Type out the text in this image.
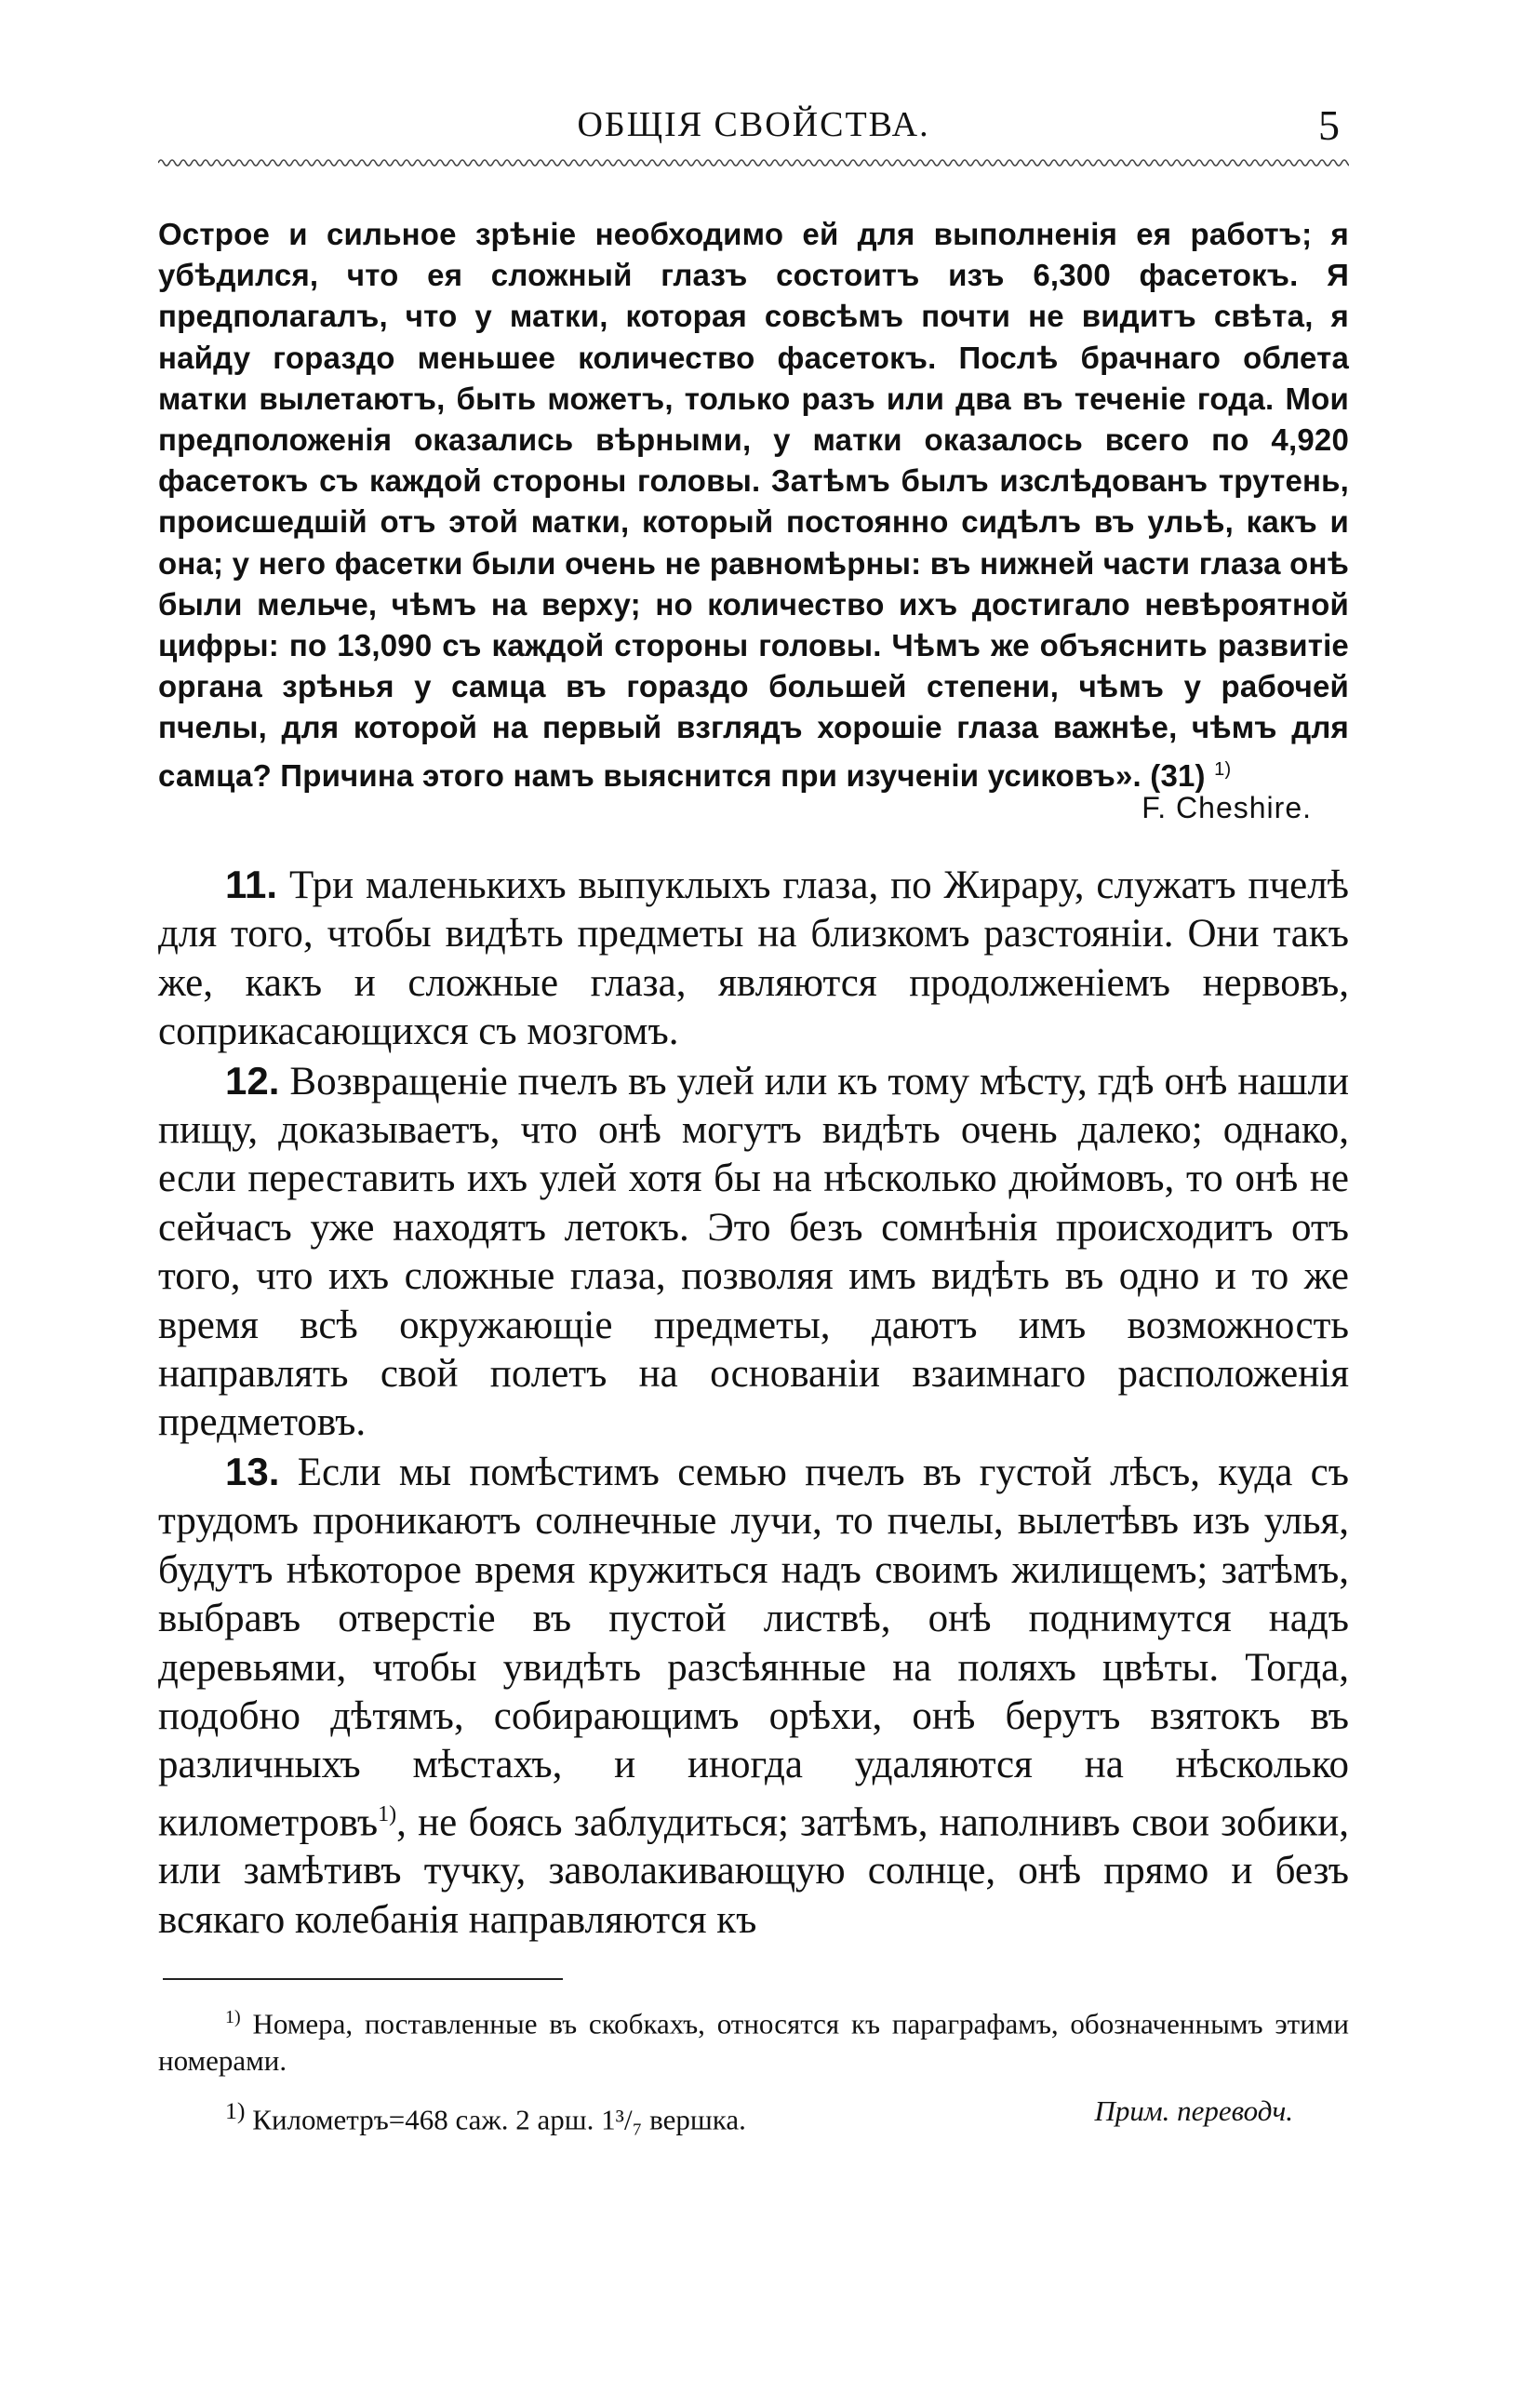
ОБЩІЯ СВОЙСТВА.	5
Острое и сильное зрѣніе необходимо ей для выполненія ея работъ; я убѣдился, что ея сложный глазъ состоитъ изъ 6,300 фасетокъ. Я предполагалъ, что у матки, которая совсѣмъ почти не видитъ свѣта, я найду гораздо меньшее количество фасетокъ. Послѣ брачнаго облета матки вылетаютъ, быть можетъ, только разъ или два въ теченіе года. Мои предположенія оказались вѣрными, у матки оказалось всего по 4,920 фасетокъ съ каждой стороны головы. Затѣмъ былъ изслѣдованъ трутень, происшедшій отъ этой матки, который постоянно сидѣлъ въ ульѣ, какъ и она; у него фасетки были очень не равномѣрны: въ нижней части глаза онѣ были мельче, чѣмъ на верху; но количество ихъ достигало невѣроятной цифры: по 13,090 съ каждой стороны головы. Чѣмъ же объяснить развитіе органа зрѣнья у самца въ гораздо большей степени, чѣмъ у рабочей пчелы, для которой на первый взглядъ хорошіе глаза важнѣе, чѣмъ для самца? Причина этого намъ выяснится при изученіи усиковъ». (31) $^{1)}$
F. Cheshire.

11. Три маленькихъ выпуклыхъ глаза, по Жирару, служатъ пчелѣ для того, чтобы видѣть предметы на близкомъ разстояніи. Они такъ же, какъ и сложные глаза, являются продолженіемъ нервовъ, соприкасающихся съ мозгомъ.

12. Возвращеніе пчелъ въ улей или къ тому мѣсту, гдѣ онѣ нашли пищу, доказываетъ, что онѣ могутъ видѣть очень далеко; однако, если переставить ихъ улей хотя бы на нѣсколько дюймовъ, то онѣ не сейчасъ уже находятъ летокъ. Это безъ сомнѣнія происходитъ отъ того, что ихъ сложные глаза, позволяя имъ видѣть въ одно и то же время всѣ окружающіе предметы, даютъ имъ возможность направлять свой полетъ на основаніи взаимнаго расположенія предметовъ.

13. Если мы помѣстимъ семью пчелъ въ густой лѣсъ, куда съ трудомъ проникаютъ солнечные лучи, то пчелы, вылетѣвъ изъ улья, будутъ нѣкоторое время кружиться надъ своимъ жилищемъ; затѣмъ, выбравъ отверстіе въ пустой листвѣ, онѣ поднимутся надъ деревьями, чтобы увидѣть разсѣянные на поляхъ цвѣты. Тогда, подобно дѣтямъ, собирающимъ орѣхи, онѣ берутъ взятокъ въ различныхъ мѣстахъ, и иногда удаляются на нѣсколько километровъ$^{1)}$, не боясь заблудиться; затѣмъ, наполнивъ свои зобики, или замѣтивъ тучку, заволакивающую солнце, онѣ прямо и безъ всякаго колебанія направляются къ

$^{1)}$ Номера, поставленные въ скобкахъ, относятся къ параграфамъ, обозначеннымъ этими номерами.

$^{1)}$ Километръ=468 саж. 2 арш. 1³/₇ вершка.	Прим. переводч.
